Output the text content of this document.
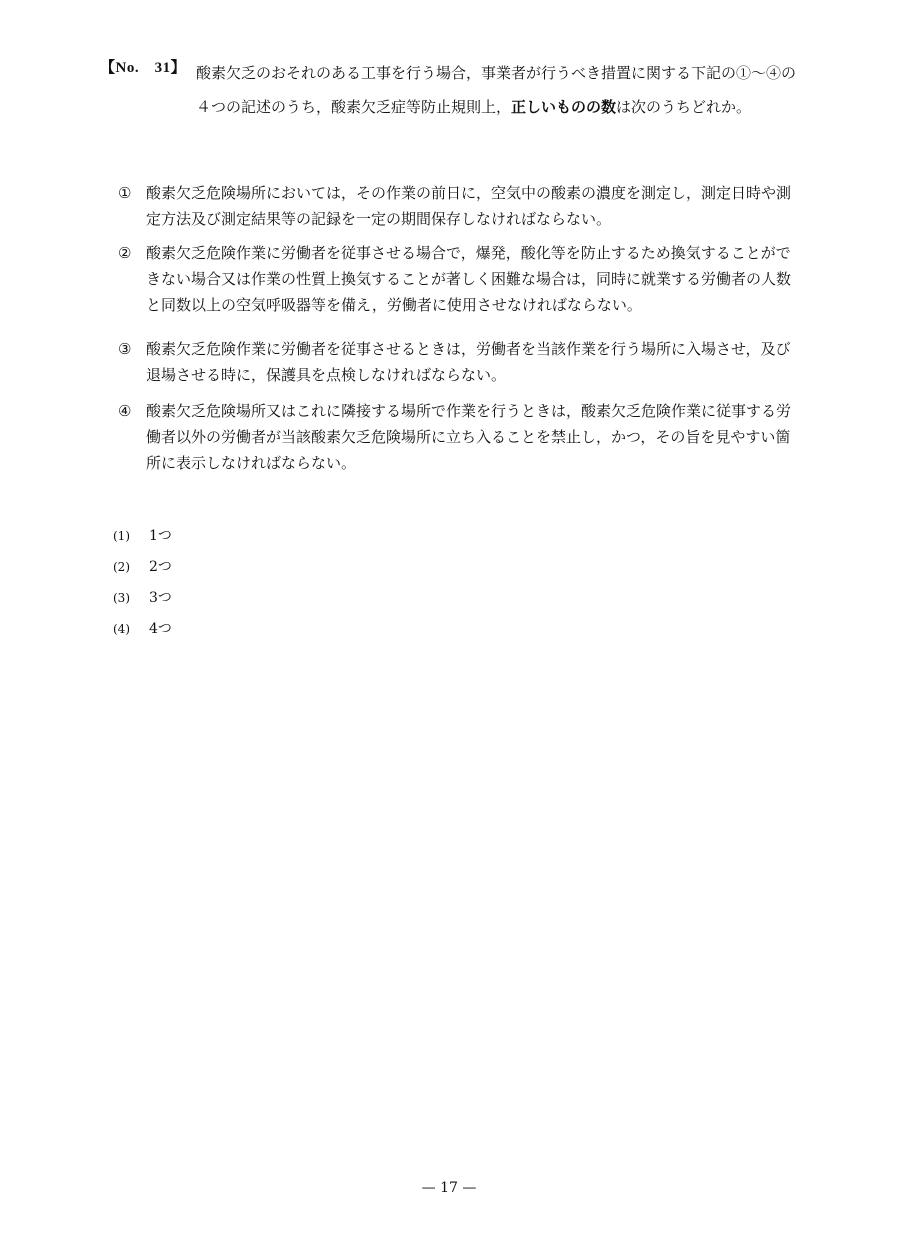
【No.　31】 酸素欠乏のおそれのある工事を行う場合，事業者が行うべき措置に関する下記の①～④の４つの記述のうち，酸素欠乏症等防止規則上，正しいものの数は次のうちどれか。
① 酸素欠乏危険場所においては，その作業の前日に，空気中の酸素の濃度を測定し，測定日時や測定方法及び測定結果等の記録を一定の期間保存しなければならない。
② 酸素欠乏危険作業に労働者を従事させる場合で，爆発，酸化等を防止するため換気することができない場合又は作業の性質上換気することが著しく困難な場合は，同時に就業する労働者の人数と同数以上の空気呼吸器等を備え，労働者に使用させなければならない。
③ 酸素欠乏危険作業に労働者を従事させるときは，労働者を当該作業を行う場所に入場させ，及び退場させる時に，保護具を点検しなければならない。
④ 酸素欠乏危険場所又はこれに隣接する場所で作業を行うときは，酸素欠乏危険作業に従事する労働者以外の労働者が当該酸素欠乏危険場所に立ち入ることを禁止し，かつ，その旨を見やすい箇所に表示しなければならない。
(1) 1つ
(2) 2つ
(3) 3つ
(4) 4つ
— 17 —
